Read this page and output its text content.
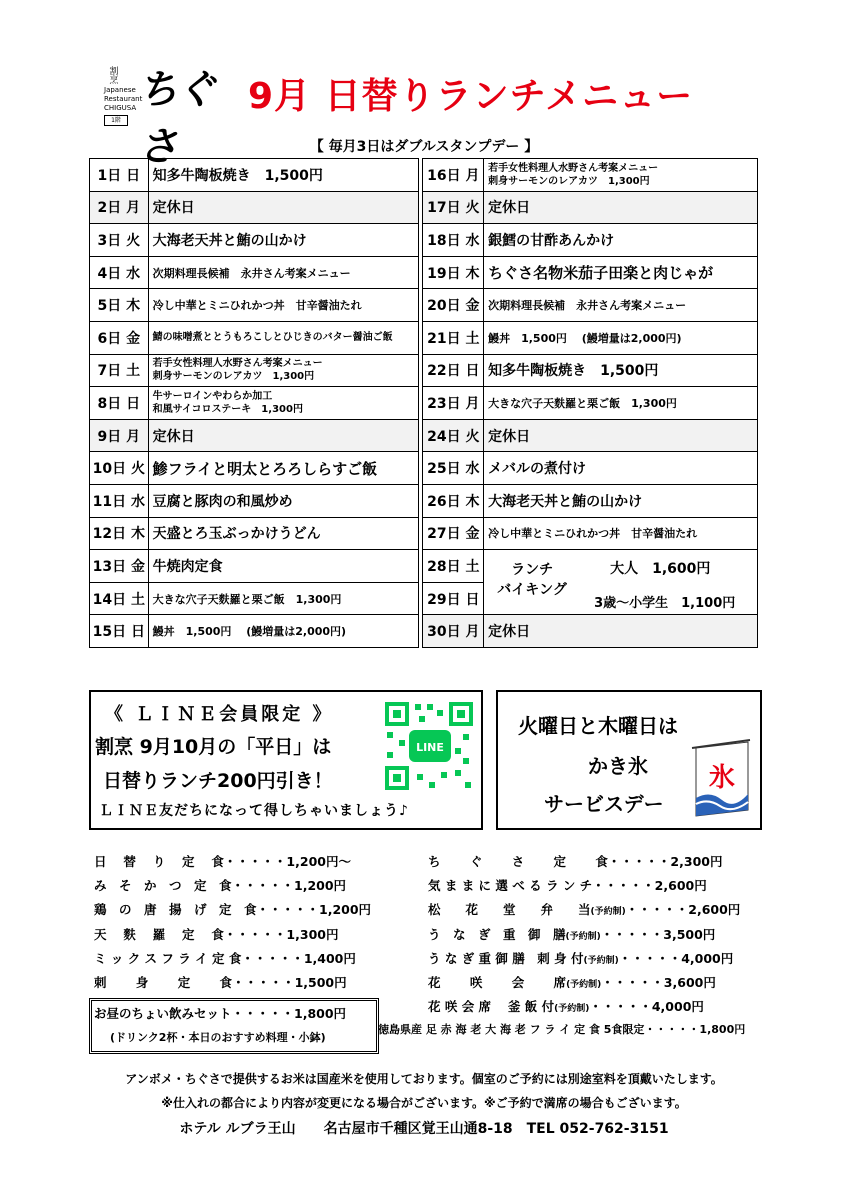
割烹
Japanese Restaurant CHIGUSA
1階
ちぐさ
9月 日替りランチメニュー
【 毎月3日はダブルスタンプデー 】
1日 日	知多牛陶板焼き　1,500円		16日 月	若手女性料理人水野さん考案メニュー
刺身サーモンのレアカツ　1,300円

2日 月	定休日		17日 火	定休日

3日 火	大海老天丼と鮪の山かけ		18日 水	銀鱈の甘酢あんかけ

4日 水	次期料理長候補　永井さん考案メニュー		19日 木	ちぐさ名物米茄子田楽と肉じゃが

5日 木	冷し中華とミニひれかつ丼　甘辛醤油たれ		20日 金	次期料理長候補　永井さん考案メニュー

6日 金	鯖の味噌煮ととうもろこしとひじきのバター醤油ご飯		21日 土	鰻丼　1,500円　 (鰻増量は2,000円)

7日 土	若手女性料理人水野さん考案メニュー
刺身サーモンのレアカツ　1,300円		22日 日	知多牛陶板焼き　1,500円

8日 日	牛サーロインやわらか加工
和風サイコロステーキ　1,300円		23日 月	大きな穴子天麩羅と栗ご飯　1,300円

9日 月	定休日		24日 火	定休日

10日 火	鯵フライと明太とろろしらすご飯		25日 水	メバルの煮付け

11日 水	豆腐と豚肉の和風炒め		26日 木	大海老天丼と鮪の山かけ

12日 木	天盛とろ玉ぶっかけうどん		27日 金	冷し中華とミニひれかつ丼　甘辛醤油たれ

13日 金	牛焼肉定食		28日 土	ランチ
バイキング
大人　1,600円
3歳～小学生　1,100円

14日 土	大きな穴子天麩羅と栗ご飯　1,300円		29日 日	
15日 日	鰻丼　1,500円　 (鰻増量は2,000円)		30日 月	定休日
《 ＬＩＮＥ会員限定 》
割烹 9月10月の「平日」は
日替りランチ200円引き！
ＬＩＮＥ友だちになって得しちゃいましょう♪
LINE
火曜日と木曜日は
かき氷
サービスデー
氷
日　 替　 り　 定　 食・・・・・1,200円～
み　そ　か　つ　定　食・・・・・1,200円
鶏　の　唐　揚　げ　定　食・・・・・1,200円
天　 麩　 羅　 定　 食・・・・・1,300円
ミ ッ ク ス フ ラ イ 定 食・・・・・1,400円
刺　　 身　　 定　　 食・・・・・1,500円
ち　　 ぐ　　 さ　　 定　　 食・・・・・2,300円
気 ま ま に 選 べ る ラ ン チ・・・・・2,600円
松　　花　　堂　　弁　　当(予約制)・・・・・2,600円
う　な　ぎ　重　御　膳(予約制)・・・・・3,500円
う な ぎ 重 御 膳　刺 身 付(予約制)・・・・・4,000円
花　　 咲　　 会　　 席(予約制)・・・・・3,600円
花 咲 会 席　 釜 飯 付(予約制)・・・・・4,000円
徳島県産 足 赤 海 老 大 海 老 フ ラ イ 定 食 5食限定・・・・・1,800円
お昼のちょい飲みセット・・・・・1,800円
(ドリンク2杯・本日のおすすめ料理・小鉢)
アンボメ・ちぐさで提供するお米は国産米を使用しております。個室のご予約には別途室料を頂戴いたします。
※仕入れの都合により内容が変更になる場合がございます。※ご予約で満席の場合もございます。
ホテル ルブラ王山　　名古屋市千種区覚王山通8-18　TEL 052-762-3151
